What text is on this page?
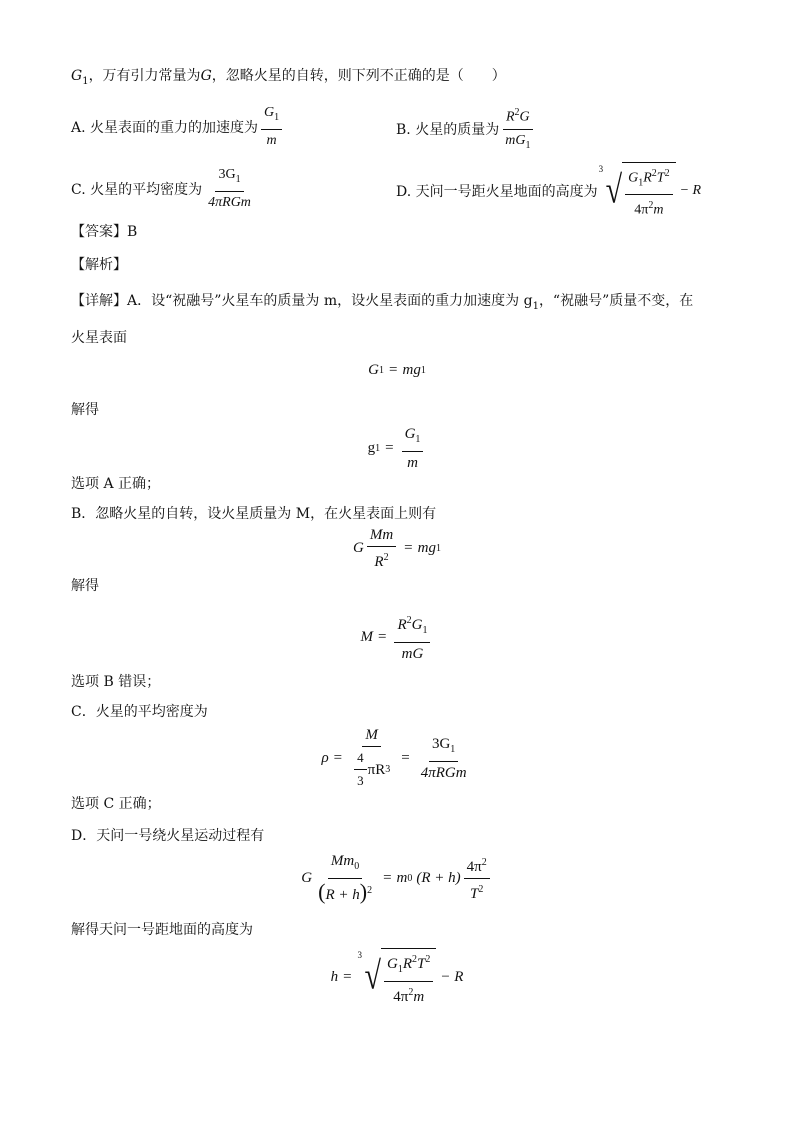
$G_1$，万有引力常量为G，忽略火星的自转，则下列不正确的是（　　）
A. 火星表面的重力的加速度为 $\frac{G_1}{m}$	B. 火星的质量为 $\frac{R^2G}{mG_1}$
C. 火星的平均密度为 $\frac{3G_1}{\text{4πRGm}}$	D. 天问一号距火星地面的高度为
3 √ $\frac{G_1R^2T^2}{4\pi^2m} - R$
【答案】B
【解析】
【详解】A．设“祝融号”火星车的质量为 m，设火星表面的重力加速度为 $g_1$，“祝融号”质量不变，在
火星表面
G 1 = mg 1
解得
g $1 = \frac{G_1}{m}$
选项 A 正确；
B．忽略火星的自转，设火星质量为 M，在火星表面上则有
G $\frac{Mm}{R^2}$ = mg 1
解得
$M = \frac{R^2G_1}{mG}$
选项 B 错误；
C．火星的平均密度为
$\rho = \frac{M}{\frac{4}{3} \pi R 3} = \frac{3G_1}{\text{4πRGm}}$
选项 C 正确；
D．天问一号绕火星运动过程有
G $\frac{Mm_0}{(R + h)^2} = m$ 0 $(R + h) \frac{4\pi^2}{T^2}$
解得天问一号距地面的高度为
h =
3 √ $\frac{G_1R^2T^2}{4\pi^2m} - R$
